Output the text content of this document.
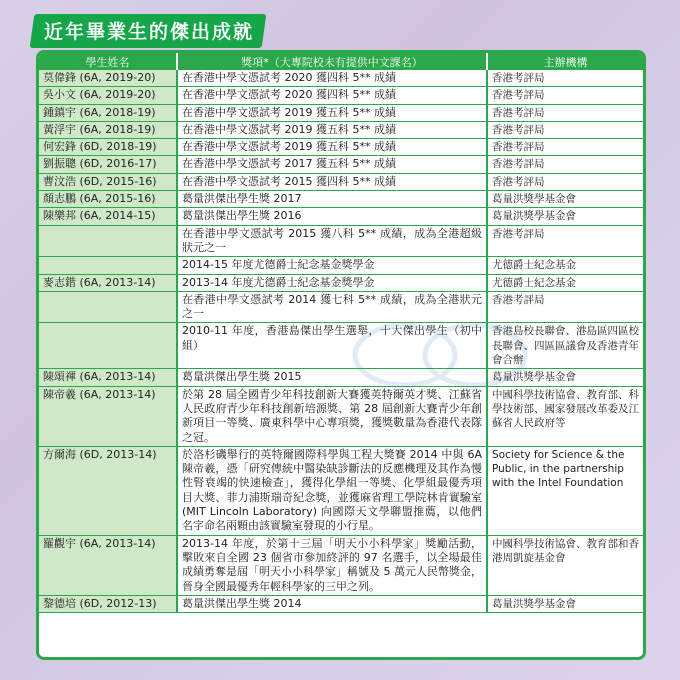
近年畢業生的傑出成就
學生姓名	獎項*（大專院校未有提供中文課名）	主辦機構
莫偉鋒 (6A, 2019-20)	在香港中學文憑試考 2020 獲四科 5** 成績	香港考評局
吳小文 (6A, 2019-20)	在香港中學文憑試考 2020 獲四科 5** 成績	香港考評局
鍾鎮宇 (6A, 2018-19)	在香港中學文憑試考 2019 獲五科 5** 成績	香港考評局
黃浮宇 (6A, 2018-19)	在香港中學文憑試考 2019 獲五科 5** 成績	香港考評局
何宏鋒 (6D, 2018-19)	在香港中學文憑試考 2019 獲五科 5** 成績	香港考評局
劉振聰 (6D, 2016-17)	在香港中學文憑試考 2017 獲五科 5** 成績	香港考評局
曹汶浩 (6D, 2015-16)	在香港中學文憑試考 2015 獲四科 5** 成績	香港考評局
顏志鵬 (6A, 2015-16)	葛量洪傑出學生獎 2017	葛量洪獎學基金會
陳樂邦 (6A, 2014-15)	葛量洪傑出學生獎 2016	葛量洪獎學基金會
	在香港中學文憑試考 2015 獲八科 5** 成績，成為全港超級狀元之一	香港考評局
	2014-15 年度尤德爵士紀念基金獎學金	尤德爵士紀念基金
麥志鍇 (6A, 2013-14)	2013-14 年度尤德爵士紀念基金獎學金	尤德爵士紀念基金
	在香港中學文憑試考 2014 獲七科 5** 成績，成為全港狀元之一	香港考評局
	2010-11 年度，香港島傑出學生選舉，十大傑出學生（初中組）	香港島校長聯會、港島區四區校長聯會、四區區議會及香港青年會合辦
陳頌褌 (6A, 2013-14)	葛量洪傑出學生獎 2015	葛量洪獎學基金會
陳帝羲 (6A, 2013-14)	於第 28 屆全國青少年科技創新大賽獲英特爾英才獎、江蘇省人民政府青少年科技創新培源獎、第 28 屆創新大賽青少年創新項目一等獎、廣東科學中心專項獎，獲獎數量為香港代表隊之冠。	中國科學技術協會、教育部、科學技術部、國家發展改革委及江蘇省人民政府等
方爾海 (6D, 2013-14)	於洛杉磯舉行的英特爾國際科學與工程大獎賽 2014 中與 6A 陳帝羲，憑「研究傳統中醫染缺診斷法的反應機理及其作為慢性腎衰竭的快速檢查」，獲得化學組一等獎、化學組最優秀項目大獎、菲力浦斯瑞奇紀念獎，並獲麻省理工學院林肯實驗室 (MIT Lincoln Laboratory) 向國際天文學聯盟推薦，以他們名字命名兩顆由該實驗室發現的小行星。	Society for Science & the Public, in the partnership with the Intel Foundation
羅觀宇 (6A, 2013-14)	2013-14 年度，於第十三屆「明天小小科學家」獎勵活動，擊敗來自全國 23 個省市參加終評的 97 名選手，以全場最佳成績勇奪是屆「明天小小科學家」稱號及 5 萬元人民幣獎金，晉身全國最優秀年輕科學家的三甲之列。	中國科學技術協會、教育部和香港周凱旋基金會
黎德培 (6D, 2012-13)	葛量洪傑出學生獎 2014	葛量洪獎學基金會
